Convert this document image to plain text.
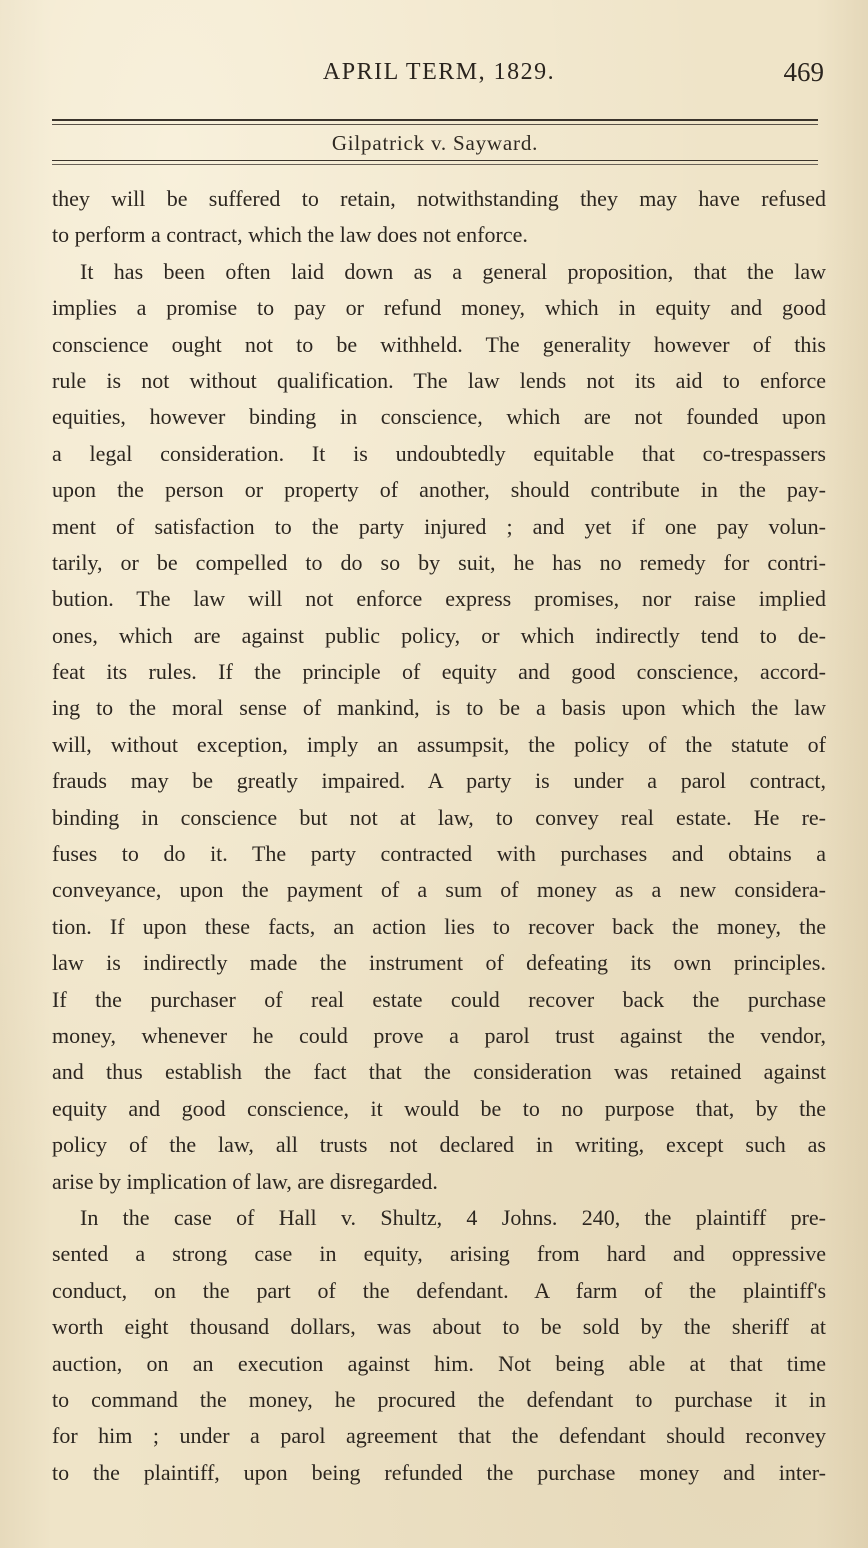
APRIL TERM, 1829.	469
Gilpatrick v. Sayward.
they will be suffered to retain, notwithstanding they may have refused
to perform a contract, which the law does not enforce.
It has been often laid down as a general proposition, that the law
implies a promise to pay or refund money, which in equity and good
conscience ought not to be withheld. The generality however of this
rule is not without qualification. The law lends not its aid to enforce
equities, however binding in conscience, which are not founded upon
a legal consideration. It is undoubtedly equitable that co-trespassers
upon the person or property of another, should contribute in the pay-
ment of satisfaction to the party injured ; and yet if one pay volun-
tarily, or be compelled to do so by suit, he has no remedy for contri-
bution. The law will not enforce express promises, nor raise implied
ones, which are against public policy, or which indirectly tend to de-
feat its rules. If the principle of equity and good conscience, accord-
ing to the moral sense of mankind, is to be a basis upon which the law
will, without exception, imply an assumpsit, the policy of the statute of
frauds may be greatly impaired. A party is under a parol contract,
binding in conscience but not at law, to convey real estate. He re-
fuses to do it. The party contracted with purchases and obtains a
conveyance, upon the payment of a sum of money as a new considera-
tion. If upon these facts, an action lies to recover back the money, the
law is indirectly made the instrument of defeating its own principles.
If the purchaser of real estate could recover back the purchase
money, whenever he could prove a parol trust against the vendor,
and thus establish the fact that the consideration was retained against
equity and good conscience, it would be to no purpose that, by the
policy of the law, all trusts not declared in writing, except such as
arise by implication of law, are disregarded.
In the case of Hall v. Shultz, 4 Johns. 240, the plaintiff pre-
sented a strong case in equity, arising from hard and oppressive
conduct, on the part of the defendant. A farm of the plaintiff's
worth eight thousand dollars, was about to be sold by the sheriff at
auction, on an execution against him. Not being able at that time
to command the money, he procured the defendant to purchase it in
for him ; under a parol agreement that the defendant should reconvey
to the plaintiff, upon being refunded the purchase money and inter-
